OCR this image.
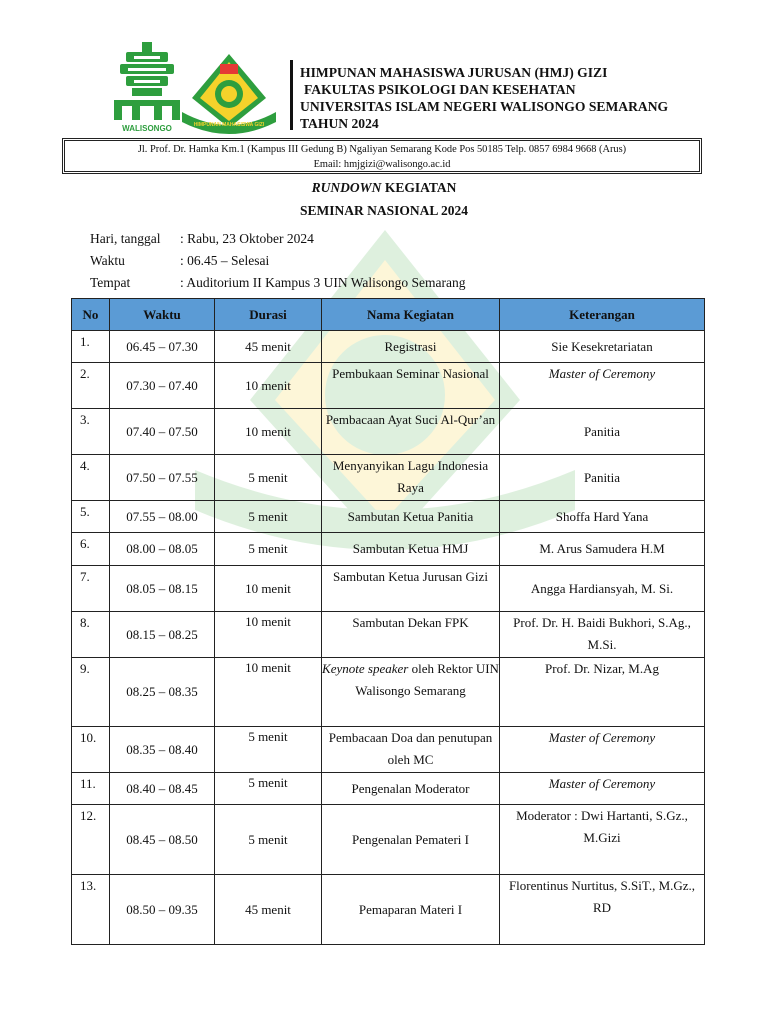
WALISONGO	HIMPUNAN MAHASISWA GIZI
HIMPUNAN MAHASISWA JURUSAN (HMJ) GIZI
FAKULTAS PSIKOLOGI DAN KESEHATAN
UNIVERSITAS ISLAM NEGERI WALISONGO SEMARANG
TAHUN 2024
Jl. Prof. Dr. Hamka Km.1 (Kampus III Gedung B) Ngaliyan Semarang Kode Pos 50185 Telp. 0857 6984 9668 (Arus)
Email: hmjgizi@walisongo.ac.id
RUNDOWN KEGIATAN
SEMINAR NASIONAL 2024
Hari, tanggal	: Rabu, 23 Oktober 2024
Waktu	: 06.45 – Selesai
Tempat	: Auditorium II Kampus 3 UIN Walisongo Semarang
No	Waktu	Durasi	Nama Kegiatan	Keterangan
1.	06.45 – 07.30	45 menit	Registrasi	Sie Kesekretariatan
2.	07.30 – 07.40	10 menit	Pembukaan Seminar Nasional	Master of Ceremony
3.	07.40 – 07.50	10 menit	Pembacaan Ayat Suci Al-Qur’an	Panitia
4.	07.50 – 07.55	5 menit	Menyanyikan Lagu Indonesia Raya	Panitia
5.	07.55 – 08.00	5 menit	Sambutan Ketua Panitia	Shoffa Hard Yana
6.	08.00 – 08.05	5 menit	Sambutan Ketua HMJ	M. Arus Samudera H.M
7.	08.05 – 08.15	10 menit	Sambutan Ketua Jurusan Gizi	Angga Hardiansyah, M. Si.
8.	08.15 – 08.25	10 menit	Sambutan Dekan FPK	Prof. Dr. H. Baidi Bukhori, S.Ag., M.Si.
9.	08.25 – 08.35	10 menit	Keynote speaker oleh Rektor UIN Walisongo Semarang	Prof. Dr. Nizar, M.Ag
10.	08.35 – 08.40	5 menit	Pembacaan Doa dan penutupan oleh MC	Master of Ceremony
11.	08.40 – 08.45	5 menit	Pengenalan Moderator	Master of Ceremony
12.	08.45 – 08.50	5 menit	Pengenalan Pemateri I	Moderator : Dwi Hartanti, S.Gz., M.Gizi
13.	08.50 – 09.35	45 menit	Pemaparan Materi I	Florentinus Nurtitus, S.SiT., M.Gz., RD
